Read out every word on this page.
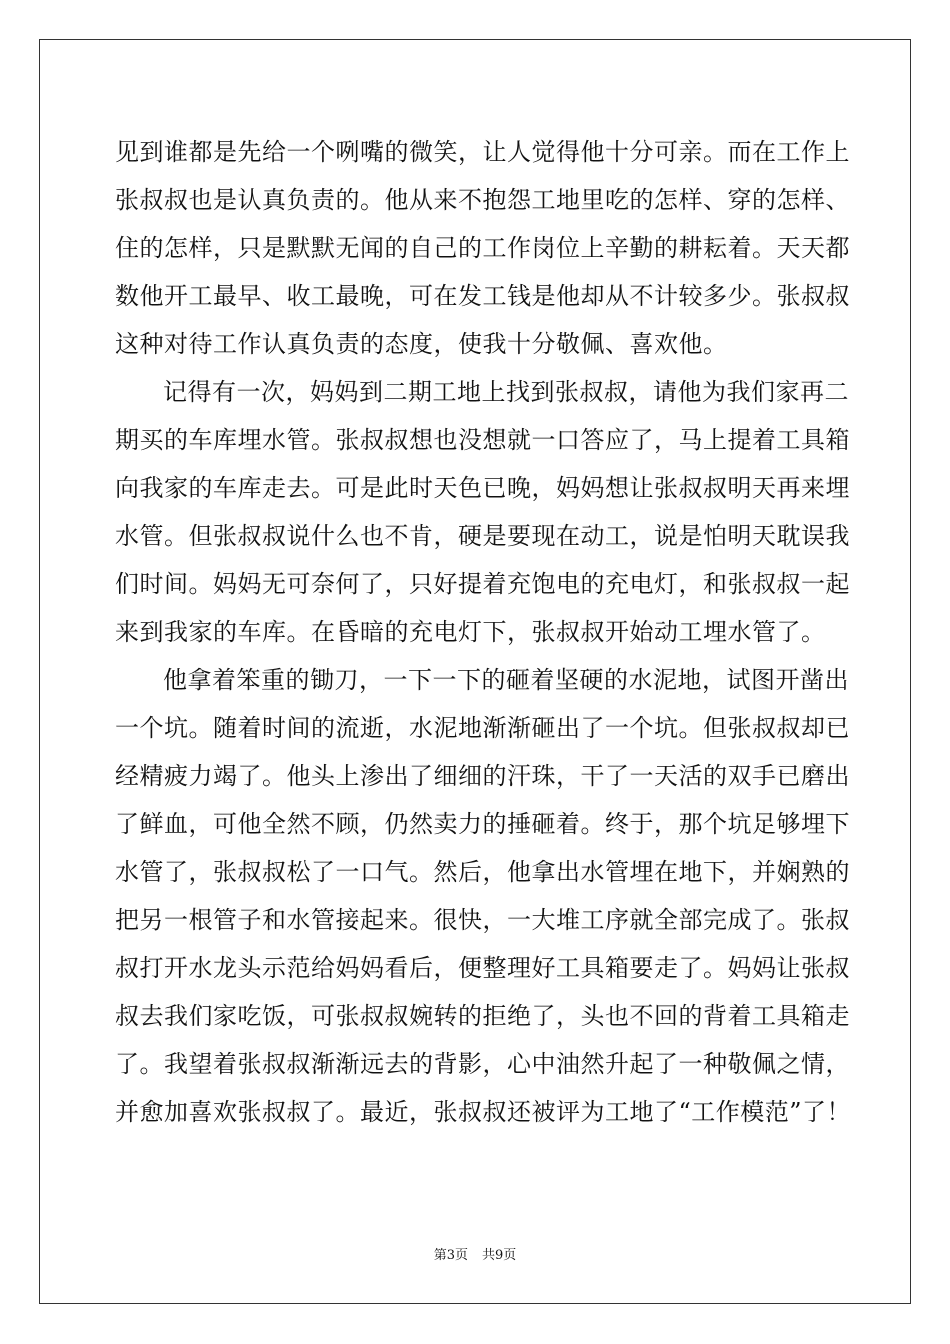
见到谁都是先给一个咧嘴的微笑，让人觉得他十分可亲。而在工作上
张叔叔也是认真负责的。他从来不抱怨工地里吃的怎样、穿的怎样、
住的怎样，只是默默无闻的自己的工作岗位上辛勤的耕耘着。天天都
数他开工最早、收工最晚，可在发工钱是他却从不计较多少。张叔叔
这种对待工作认真负责的态度，使我十分敬佩、喜欢他。
记得有一次，妈妈到二期工地上找到张叔叔，请他为我们家再二
期买的车库埋水管。张叔叔想也没想就一口答应了，马上提着工具箱
向我家的车库走去。可是此时天色已晚，妈妈想让张叔叔明天再来埋
水管。但张叔叔说什么也不肯，硬是要现在动工，说是怕明天耽误我
们时间。妈妈无可奈何了，只好提着充饱电的充电灯，和张叔叔一起
来到我家的车库。在昏暗的充电灯下，张叔叔开始动工埋水管了。
他拿着笨重的锄刀，一下一下的砸着坚硬的水泥地，试图开凿出
一个坑。随着时间的流逝，水泥地渐渐砸出了一个坑。但张叔叔却已
经精疲力竭了。他头上渗出了细细的汗珠，干了一天活的双手已磨出
了鲜血，可他全然不顾，仍然卖力的捶砸着。终于，那个坑足够埋下
水管了，张叔叔松了一口气。然后，他拿出水管埋在地下，并娴熟的
把另一根管子和水管接起来。很快，一大堆工序就全部完成了。张叔
叔打开水龙头示范给妈妈看后，便整理好工具箱要走了。妈妈让张叔
叔去我们家吃饭，可张叔叔婉转的拒绝了，头也不回的背着工具箱走
了。我望着张叔叔渐渐远去的背影，心中油然升起了一种敬佩之情，
并愈加喜欢张叔叔了。最近，张叔叔还被评为工地了“工作模范”了！
第3页 共9页
